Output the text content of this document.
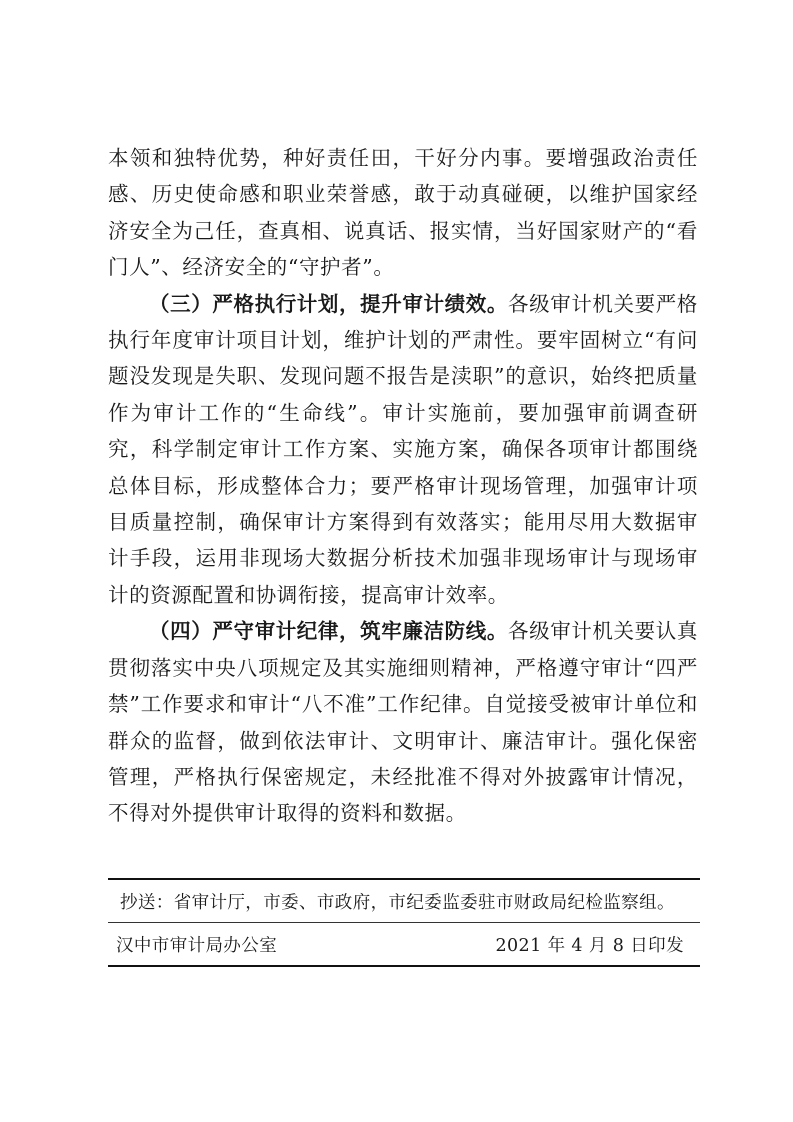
本领和独特优势，种好责任田，干好分内事。要增强政治责任感、历史使命感和职业荣誉感，敢于动真碰硬，以维护国家经济安全为己任，查真相、说真话、报实情，当好国家财产的“看门人”、经济安全的“守护者”。

（三）严格执行计划，提升审计绩效。各级审计机关要严格执行年度审计项目计划，维护计划的严肃性。要牢固树立“有问题没发现是失职、发现问题不报告是渎职”的意识，始终把质量作为审计工作的“生命线”。审计实施前，要加强审前调查研究，科学制定审计工作方案、实施方案，确保各项审计都围绕总体目标，形成整体合力；要严格审计现场管理，加强审计项目质量控制，确保审计方案得到有效落实；能用尽用大数据审计手段，运用非现场大数据分析技术加强非现场审计与现场审计的资源配置和协调衔接，提高审计效率。

（四）严守审计纪律，筑牢廉洁防线。各级审计机关要认真贯彻落实中央八项规定及其实施细则精神，严格遵守审计“四严禁”工作要求和审计“八不准”工作纪律。自觉接受被审计单位和群众的监督，做到依法审计、文明审计、廉洁审计。强化保密管理，严格执行保密规定，未经批准不得对外披露审计情况，不得对外提供审计取得的资料和数据。

抄送：省审计厅，市委、市政府，市纪委监委驻市财政局纪检监察组。
汉中市审计局办公室	2021 年 4 月 8 日印发
